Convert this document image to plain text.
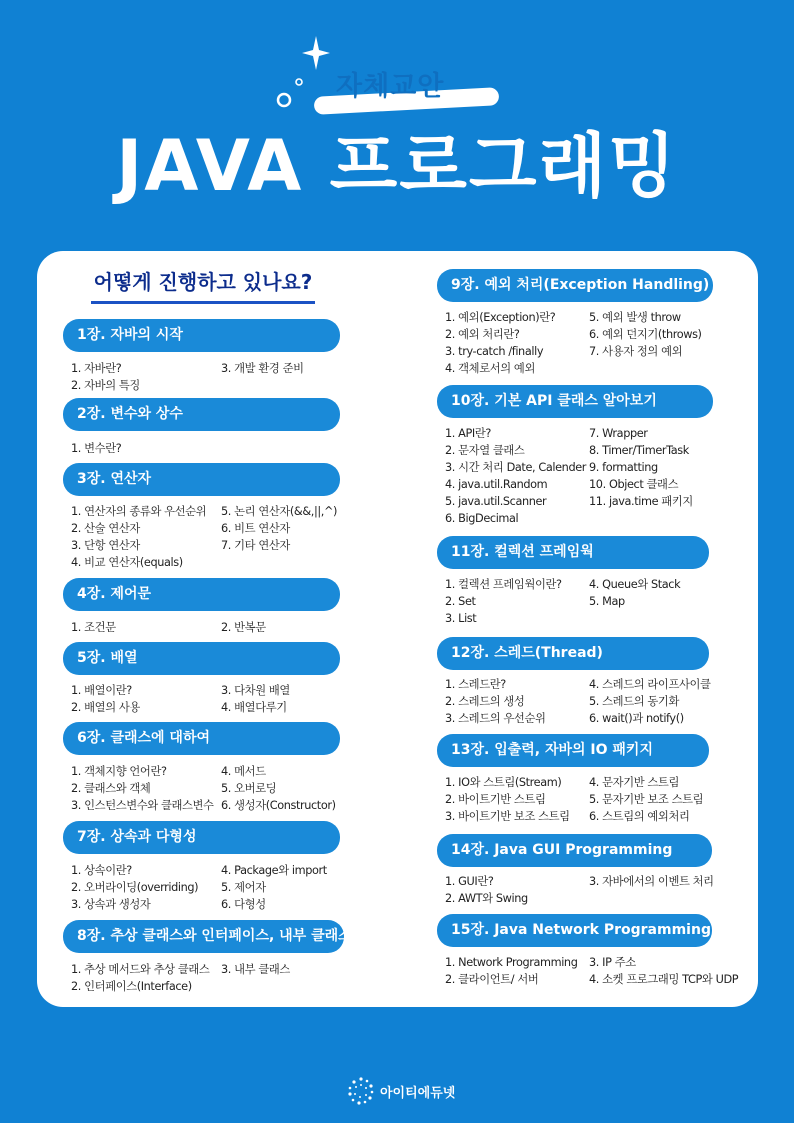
자체교안
JAVA 프로그래밍
어떻게 진행하고 있나요?
1장. 자바의 시작
1. 자바란?
2. 자바의 특징
3. 개발 환경 준비
2장. 변수와 상수
1. 변수란?
3장. 연산자
1. 연산자의 종류와 우선순위
2. 산술 연산자
3. 단항 연산자
4. 비교 연산자(equals)
5. 논리 연산자(&&,||,^)
6. 비트 연산자
7. 기타 연산자
4장. 제어문
1. 조건문	2. 반복문
5장. 배열
1. 배열이란?
2. 배열의 사용
3. 다차원 배열
4. 배열다루기
6장. 클래스에 대하여
1. 객체지향 언어란?
2. 클래스와 객체
3. 인스턴스변수와 클래스변수
4. 메서드
5. 오버로딩
6. 생성자(Constructor)
7장. 상속과 다형성
1. 상속이란?
2. 오버라이딩(overriding)
3. 상속과 생성자
4. Package와 import
5. 제어자
6. 다형성
8장. 추상 클래스와 인터페이스, 내부 클래스
1. 추상 메서드와 추상 클래스
2. 인터페이스(Interface)
3. 내부 클래스
9장. 예외 처리(Exception Handling)
1. 예외(Exception)란?
2. 예외 처리란?
3. try-catch /finally
4. 객체로서의 예외
5. 예외 발생 throw
6. 예외 던지기(throws)
7. 사용자 정의 예외
10장. 기본 API 클래스 알아보기
1. API란?
2. 문자열 클래스
3. 시간 처리 Date, Calender
4. java.util.Random
5. java.util.Scanner
6. BigDecimal
7. Wrapper
8. Timer/TimerTask
9. formatting
10. Object 클래스
11. java.time 패키지
11장. 컬렉션 프레임웍
1. 컬렉션 프레임웍이란?
2. Set
3. List
4. Queue와 Stack
5. Map
12장. 스레드(Thread)
1. 스레드란?
2. 스레드의 생성
3. 스레드의 우선순위
4. 스레드의 라이프사이클
5. 스레드의 동기화
6. wait()과 notify()
13장. 입출력, 자바의 IO 패키지
1. IO와 스트림(Stream)
2. 바이트기반 스트림
3. 바이트기반 보조 스트림
4. 문자기반 스트림
5. 문자기반 보조 스트림
6. 스트림의 예외처리
14장. Java GUI Programming
1. GUI란?
2. AWT와 Swing
3. 자바에서의 이벤트 처리
15장. Java Network Programming
1. Network Programming
2. 클라이언트/ 서버
3. IP 주소
4. 소켓 프로그래밍 TCP와 UDP
아이티에듀넷
